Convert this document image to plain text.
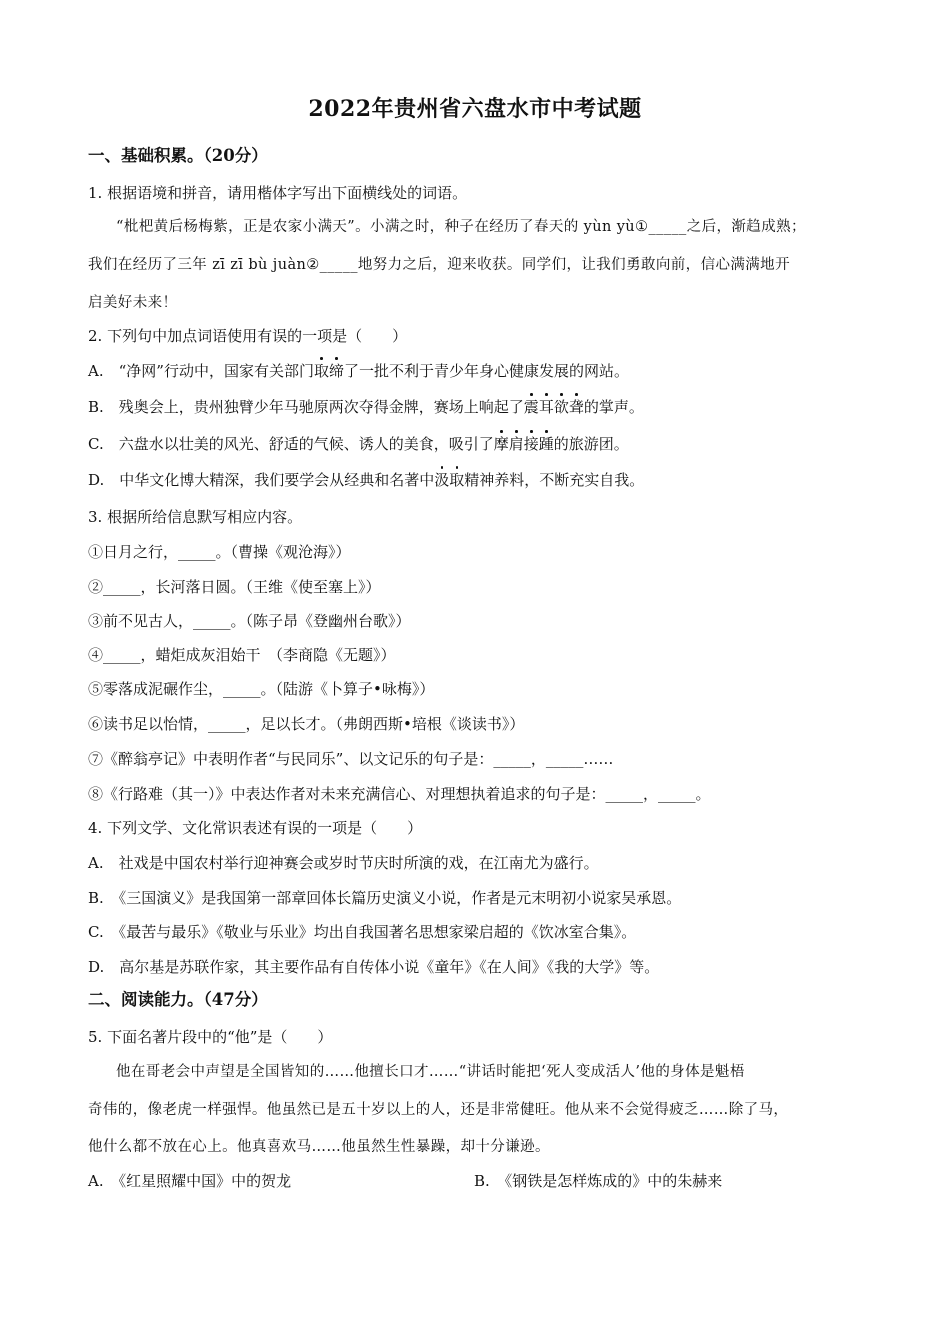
2022年贵州省六盘水市中考试题
一、基础积累。（20分）
1. 根据语境和拼音，请用楷体字写出下面横线处的词语。
“枇杷黄后杨梅紫，正是农家小满天”。小满之时，种子在经历了春天的 yùn yù①_____之后，渐趋成熟；
我们在经历了三年 zī zī bù juàn②_____地努力之后，迎来收获。同学们，让我们勇敢向前，信心满满地开
启美好未来！
2. 下列句中加点词语使用有误的一项是（　　）
A.　“净网”行动中，国家有关部门取缔了一批不利于青少年身心健康发展的网站。
B.　残奥会上，贵州独臂少年马驰原两次夺得金牌，赛场上响起了震耳欲聋的掌声。
C.　六盘水以壮美的风光、舒适的气候、诱人的美食，吸引了摩肩接踵的旅游团。
D.　中华文化博大精深，我们要学会从经典和名著中汲取精神养料，不断充实自我。
3. 根据所给信息默写相应内容。
①日月之行，_____。（曹操《观沧海》）
②_____，长河落日圆。（王维《使至塞上》）
③前不见古人，_____。（陈子昂《登幽州台歌》）
④_____，蜡炬成灰泪始干　（李商隐《无题》）
⑤零落成泥碾作尘，_____。（陆游《卜算子•咏梅》）
⑥读书足以怡情，_____，足以长才。（弗朗西斯•培根《谈读书》）
⑦《醉翁亭记》中表明作者“与民同乐”、以文记乐的句子是：_____，_____……
⑧《行路难（其一）》中表达作者对未来充满信心、对理想执着追求的句子是：_____，_____。
4. 下列文学、文化常识表述有误的一项是（　　）
A.　社戏是中国农村举行迎神赛会或岁时节庆时所演的戏，在江南尤为盛行。
B.　《三国演义》是我国第一部章回体长篇历史演义小说，作者是元末明初小说家吴承恩。
C.　《最苦与最乐》《敬业与乐业》均出自我国著名思想家梁启超的《饮冰室合集》。
D.　高尔基是苏联作家，其主要作品有自传体小说《童年》《在人间》《我的大学》等。
二、阅读能力。（47分）
5. 下面名著片段中的“他”是（　　）
他在哥老会中声望是全国皆知的……他擅长口才……“讲话时能把‘死人变成活人’他的身体是魁梧
奇伟的，像老虎一样强悍。他虽然已是五十岁以上的人，还是非常健旺。他从来不会觉得疲乏……除了马，
他什么都不放在心上。他真喜欢马……他虽然生性暴躁，却十分谦逊。
A.　《红星照耀中国》中的贺龙	B.　《钢铁是怎样炼成的》中的朱赫来
